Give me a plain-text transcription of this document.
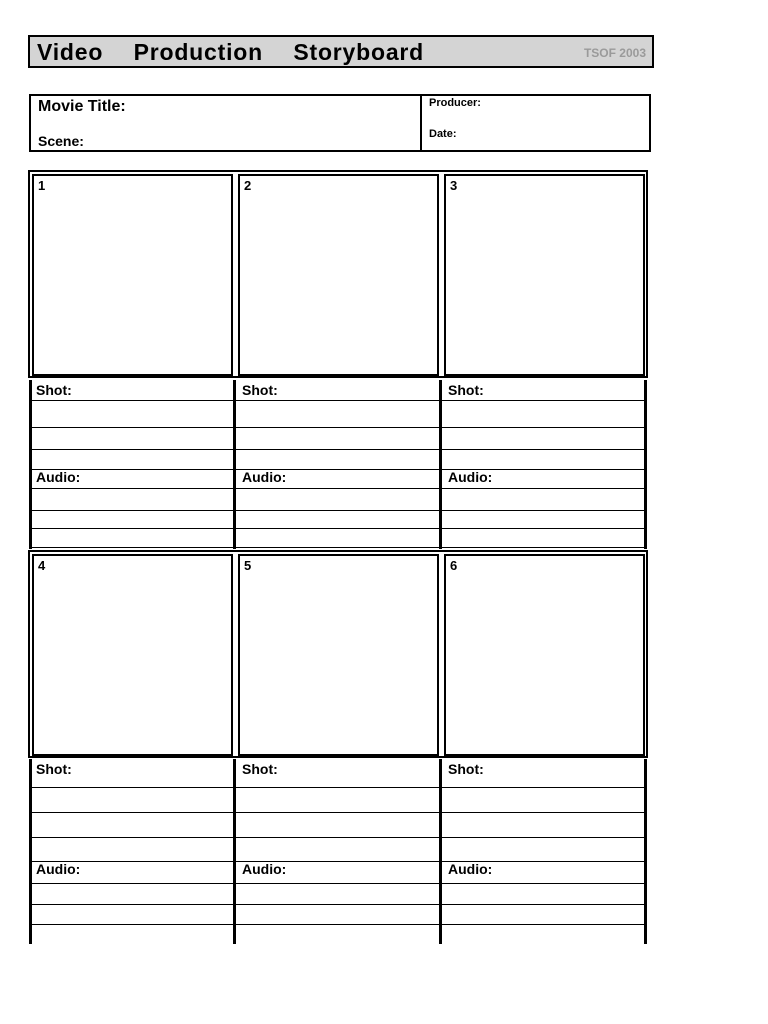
Video  Production  Storyboard	TSOF 2003
Movie Title:
Scene:
Producer:
Date:
1	2	3
Shot:	Shot:	Shot:
Audio:	Audio:	Audio:
4	5	6
Shot:	Shot:	Shot:
Audio:	Audio:	Audio:
